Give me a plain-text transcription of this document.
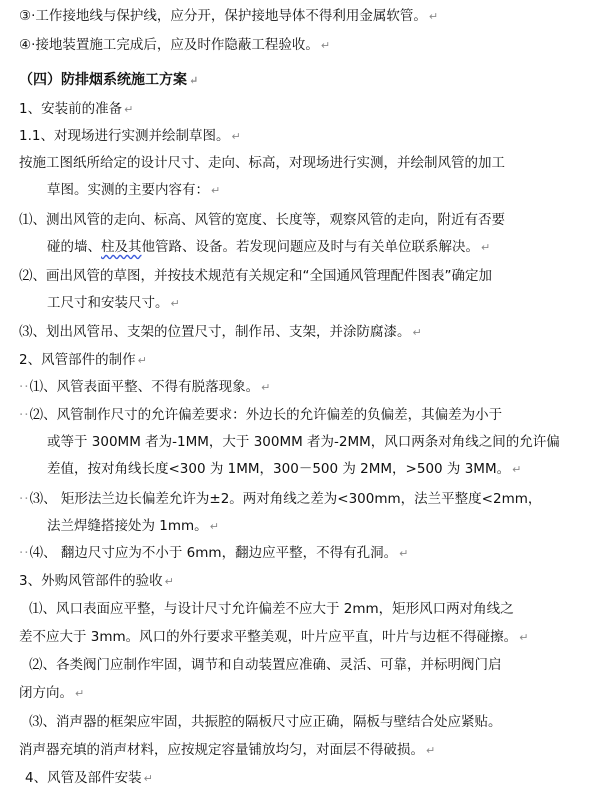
③·工作接地线与保护线，应分开，保护接地导体不得利用金属软管。 ↵
④·接地装置施工完成后，应及时作隐蔽工程验收。 ↵
（四）防排烟系统施工方案 ↵
1、安装前的准备 ↵
1.1、对现场进行实测并绘制草图。 ↵
按施工图纸所给定的设计尺寸、走向、标高，对现场进行实测，并绘制风管的加工
草图。实测的主要内容有： ↵
⑴、测出风管的走向、标高、风管的宽度、长度等，观察风管的走向，附近有否要
碰的墙、柱及其他管路、设备。若发现问题应及时与有关单位联系解决。 ↵
⑵、画出风管的草图，并按技术规范有关规定和“全国通风管理配件图表”确定加
工尺寸和安装尺寸。 ↵
⑶、划出风管吊、支架的位置尺寸，制作吊、支架，并涂防腐漆。 ↵
2、风管部件的制作 ↵
··⑴、风管表面平整、不得有脱落现象。 ↵
··⑵、风管制作尺寸的允许偏差要求：外边长的允许偏差的负偏差，其偏差为小于
或等于 300MM 者为-1MM，大于 300MM 者为-2MM，风口两条对角线之间的允许偏
差值，按对角线长度<300 为 1MM，300－500 为 2MM，>500 为 3MM。 ↵
··⑶、 矩形法兰边长偏差允许为±2。两对角线之差为<300mm，法兰平整度<2mm，
法兰焊缝搭接处为 1mm。 ↵
··⑷、 翻边尺寸应为不小于 6mm，翻边应平整，不得有孔洞。 ↵
3、外购风管部件的验收 ↵
⑴、风口表面应平整，与设计尺寸允许偏差不应大于 2mm，矩形风口两对角线之
差不应大于 3mm。风口的外行要求平整美观，叶片应平直，叶片与边框不得碰擦。 ↵
⑵、各类阀门应制作牢固，调节和自动装置应准确、灵活、可靠，并标明阀门启
闭方向。 ↵
⑶、消声器的框架应牢固，共振腔的隔板尺寸应正确，隔板与壁结合处应紧贴。
消声器充填的消声材料，应按规定容量铺放均匀，对面层不得破损。 ↵
4、风管及部件安装 ↵
